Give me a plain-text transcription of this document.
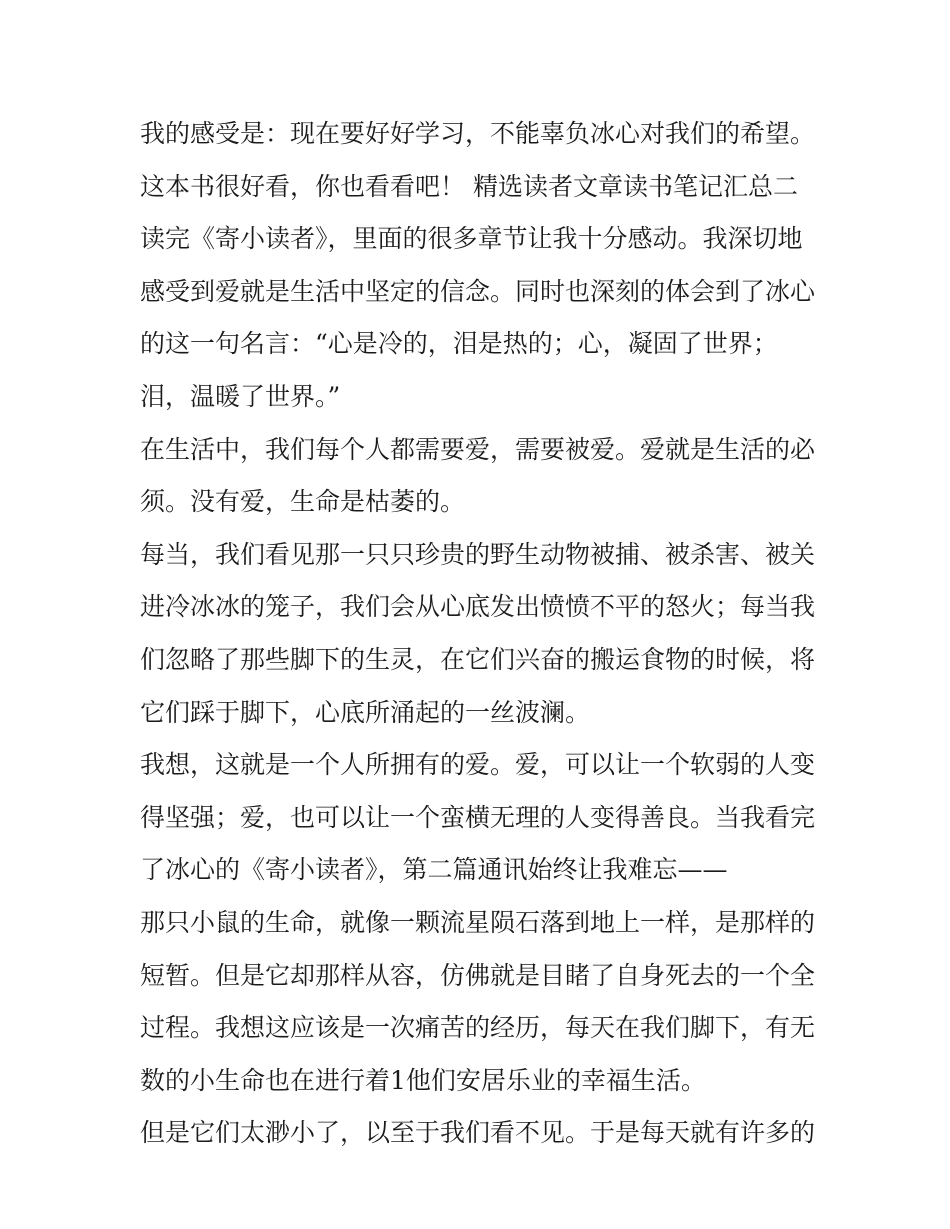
我的感受是：现在要好好学习，不能辜负冰心对我们的希望。
这本书很好看，你也看看吧！ 精选读者文章读书笔记汇总二
读完《寄小读者》，里面的很多章节让我十分感动。我深切地
感受到爱就是生活中坚定的信念。同时也深刻的体会到了冰心
的这一句名言：“心是冷的，泪是热的；心，凝固了世界；
泪，温暖了世界。”
在生活中，我们每个人都需要爱，需要被爱。爱就是生活的必
须。没有爱，生命是枯萎的。
每当，我们看见那一只只珍贵的野生动物被捕、被杀害、被关
进冷冰冰的笼子，我们会从心底发出愤愤不平的怒火；每当我
们忽略了那些脚下的生灵，在它们兴奋的搬运食物的时候，将
它们踩于脚下，心底所涌起的一丝波澜。
我想，这就是一个人所拥有的爱。爱，可以让一个软弱的人变
得坚强；爱，也可以让一个蛮横无理的人变得善良。当我看完
了冰心的《寄小读者》，第二篇通讯始终让我难忘——
那只小鼠的生命，就像一颗流星陨石落到地上一样，是那样的
短暂。但是它却那样从容，仿佛就是目睹了自身死去的一个全
过程。我想这应该是一次痛苦的经历，每天在我们脚下，有无
数的小生命也在进行着1他们安居乐业的幸福生活。
但是它们太渺小了，以至于我们看不见。于是每天就有许多的
